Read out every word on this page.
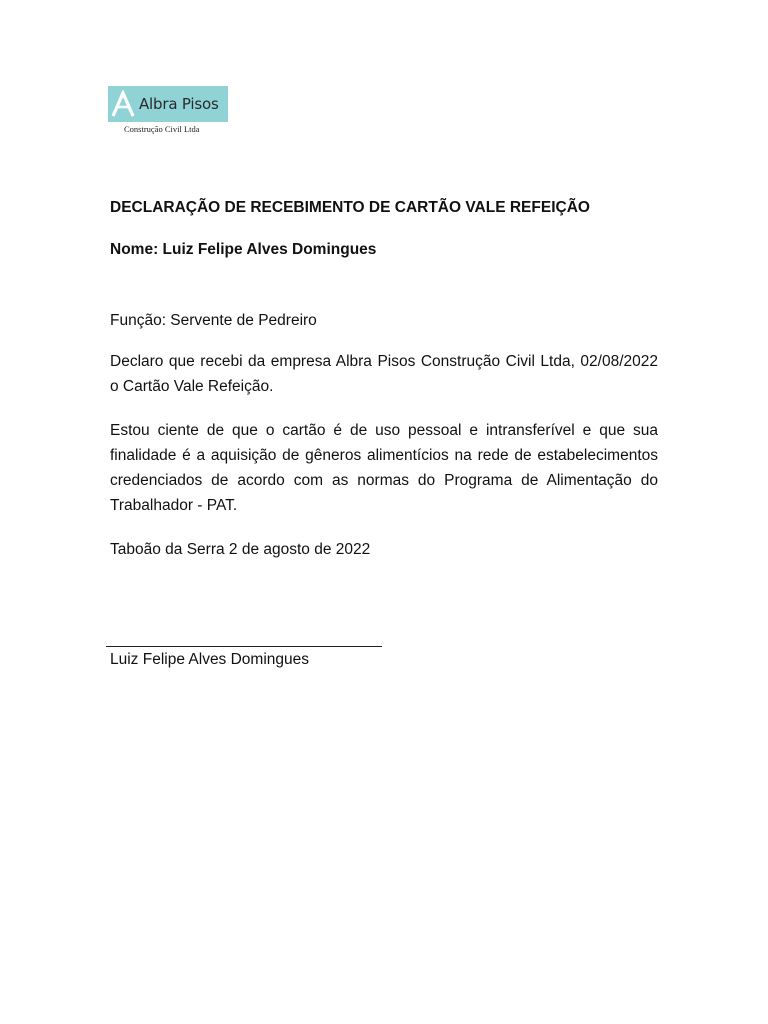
Albra Pisos
Construção Civil Ltda
DECLARAÇÃO DE RECEBIMENTO DE CARTÃO VALE REFEIÇÃO

Nome: Luiz Felipe Alves Domingues

Função: Servente de Pedreiro

Declaro que recebi da empresa Albra Pisos Construção Civil Ltda, 02/08/2022 o Cartão Vale Refeição.

Estou ciente de que o cartão é de uso pessoal e intransferível e que sua finalidade é a aquisição de gêneros alimentícios na rede de estabelecimentos credenciados de acordo com as normas do Programa de Alimentação do Trabalhador - PAT.

Taboão da Serra 2 de agosto de 2022

Luiz Felipe Alves Domingues
